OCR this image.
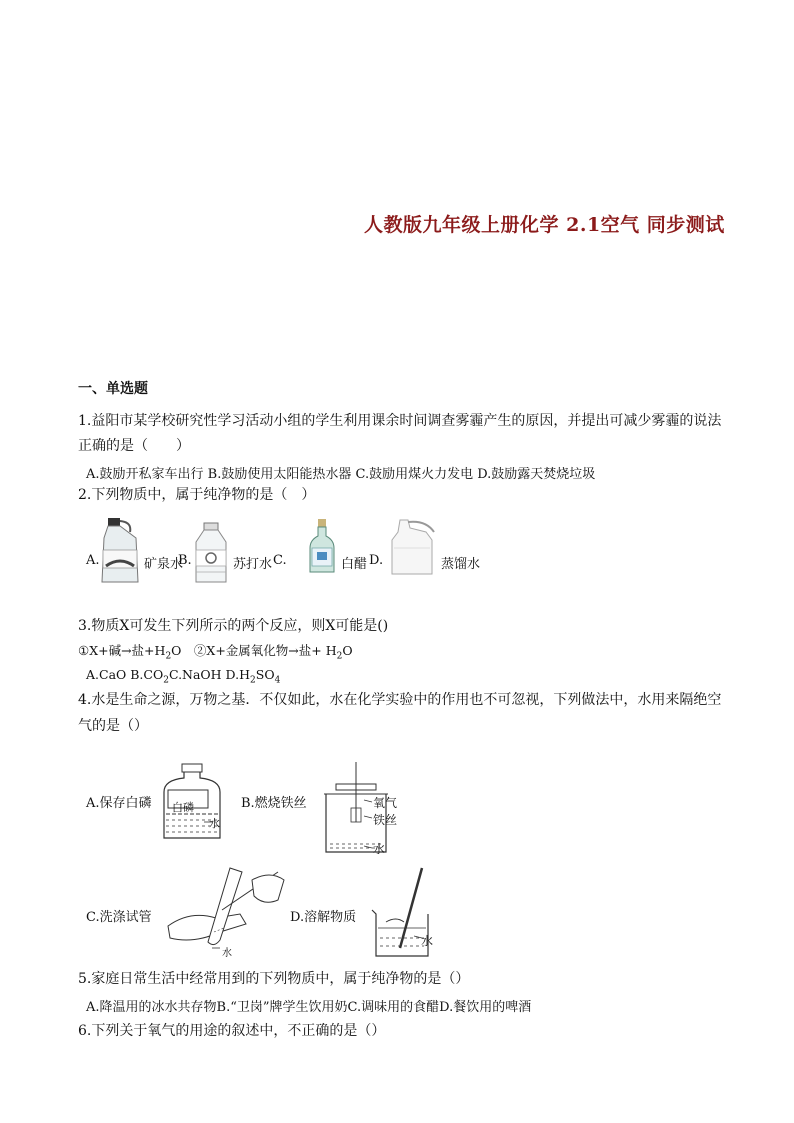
人教版九年级上册化学 2.1空气 同步测试
一、单选题
1.益阳市某学校研究性学习活动小组的学生利用课余时间调查雾霾产生的原因，并提出可减少雾霾的说法
正确的是（　　）
A.鼓励开私家车出行 B.鼓励使用太阳能热水器 C.鼓励用煤火力发电 D.鼓励露天焚烧垃圾
2.下列物质中，属于纯净物的是（　）
A.	矿泉水
B.	苏打水 C.	白醋 D.	蒸馏水
3.物质X可发生下列所示的两个反应，则X可能是()
①X+碱→盐$+H_2O$　②X+金属氧化物→盐+ $H_2O$
A.CaO $B.CO_2C.NaOH$ $D.H_2SO_4$
4.水是生命之源，万物之基．不仅如此，水在化学实验中的作用也不可忽视，下列做法中，水用来隔绝空
气的是（）
A.保存白磷 白磷
水
B.燃烧铁丝	氧气
铁丝
水
C.洗涤试管
水
D.溶解物质
水
5.家庭日常生活中经常用到的下列物质中，属于纯净物的是（）
A.降温用的冰水共存物B.“卫岗”牌学生饮用奶C.调味用的食醋D.餐饮用的啤酒
6.下列关于氧气的用途的叙述中，不正确的是（）
